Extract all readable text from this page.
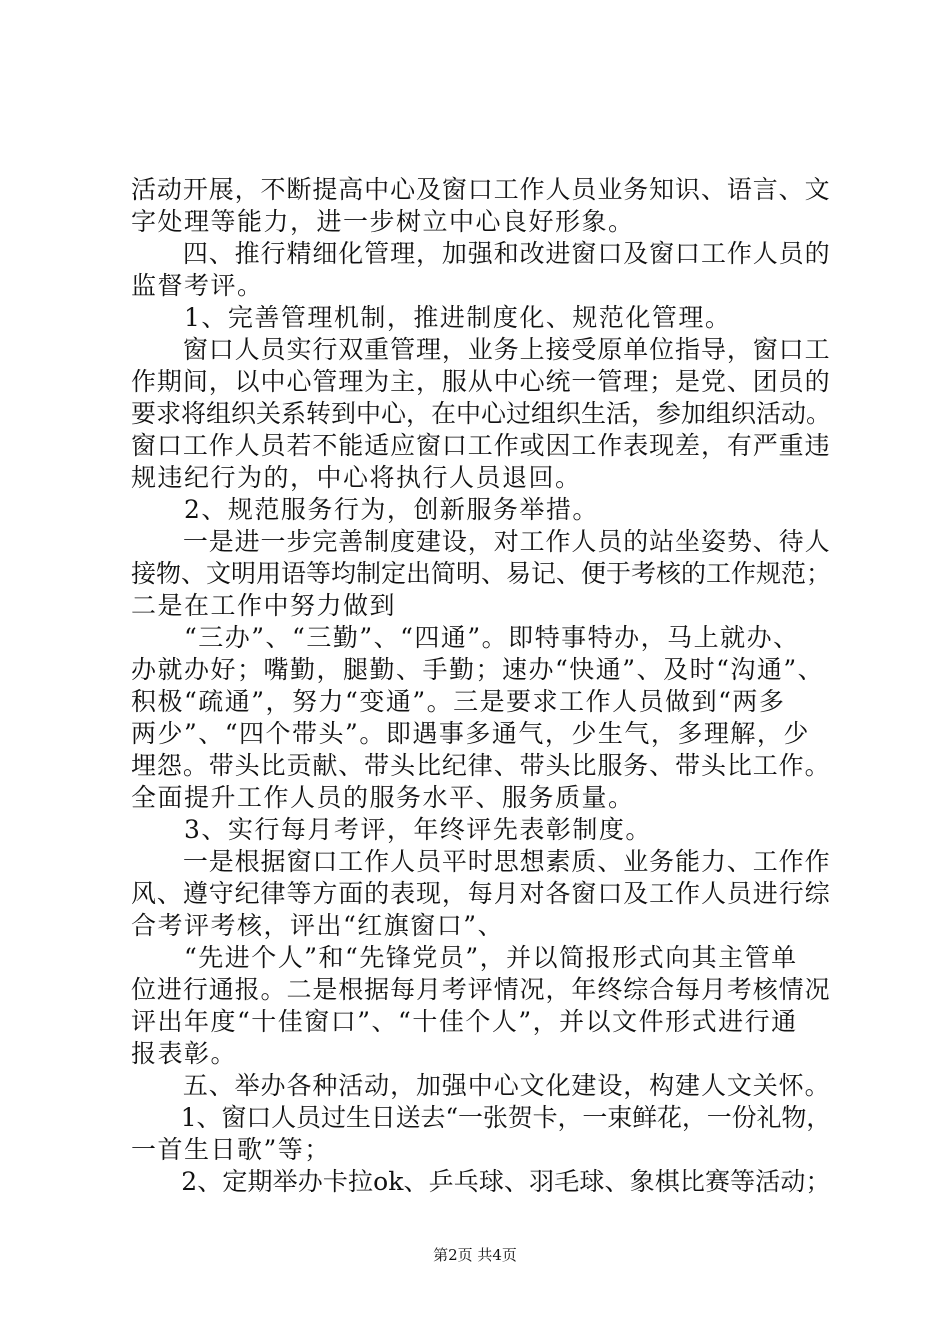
活动开展，不断提高中心及窗口工作人员业务知识、语言、文
字处理等能力，进一步树立中心良好形象。
　　四、推行精细化管理，加强和改进窗口及窗口工作人员的
监督考评。
　　1、完善管理机制，推进制度化、规范化管理。
　　窗口人员实行双重管理，业务上接受原单位指导，窗口工
作期间，以中心管理为主，服从中心统一管理；是党、团员的
要求将组织关系转到中心，在中心过组织生活，参加组织活动。
窗口工作人员若不能适应窗口工作或因工作表现差，有严重违
规违纪行为的，中心将执行人员退回。
　　2、规范服务行为，创新服务举措。
　　一是进一步完善制度建设，对工作人员的站坐姿势、待人
接物、文明用语等均制定出简明、易记、便于考核的工作规范；
二是在工作中努力做到
　　“三办”、“三勤”、“四通”。即特事特办，马上就办、
办就办好；嘴勤，腿勤、手勤；速办“快通”、及时“沟通”、
积极“疏通”，努力“变通”。三是要求工作人员做到“两多
两少”、“四个带头”。即遇事多通气，少生气，多理解，少
埋怨。带头比贡献、带头比纪律、带头比服务、带头比工作。
全面提升工作人员的服务水平、服务质量。
　　3、实行每月考评，年终评先表彰制度。
　　一是根据窗口工作人员平时思想素质、业务能力、工作作
风、遵守纪律等方面的表现，每月对各窗口及工作人员进行综
合考评考核，评出“红旗窗口”、
　　“先进个人”和“先锋党员”，并以简报形式向其主管单
位进行通报。二是根据每月考评情况，年终综合每月考核情况
评出年度“十佳窗口”、“十佳个人”，并以文件形式进行通
报表彰。
　　五、举办各种活动，加强中心文化建设，构建人文关怀。
　　1、窗口人员过生日送去“一张贺卡，一束鲜花，一份礼物，
一首生日歌”等；
　　2、定期举办卡拉ok、乒乓球、羽毛球、象棋比赛等活动；
第2页 共4页
